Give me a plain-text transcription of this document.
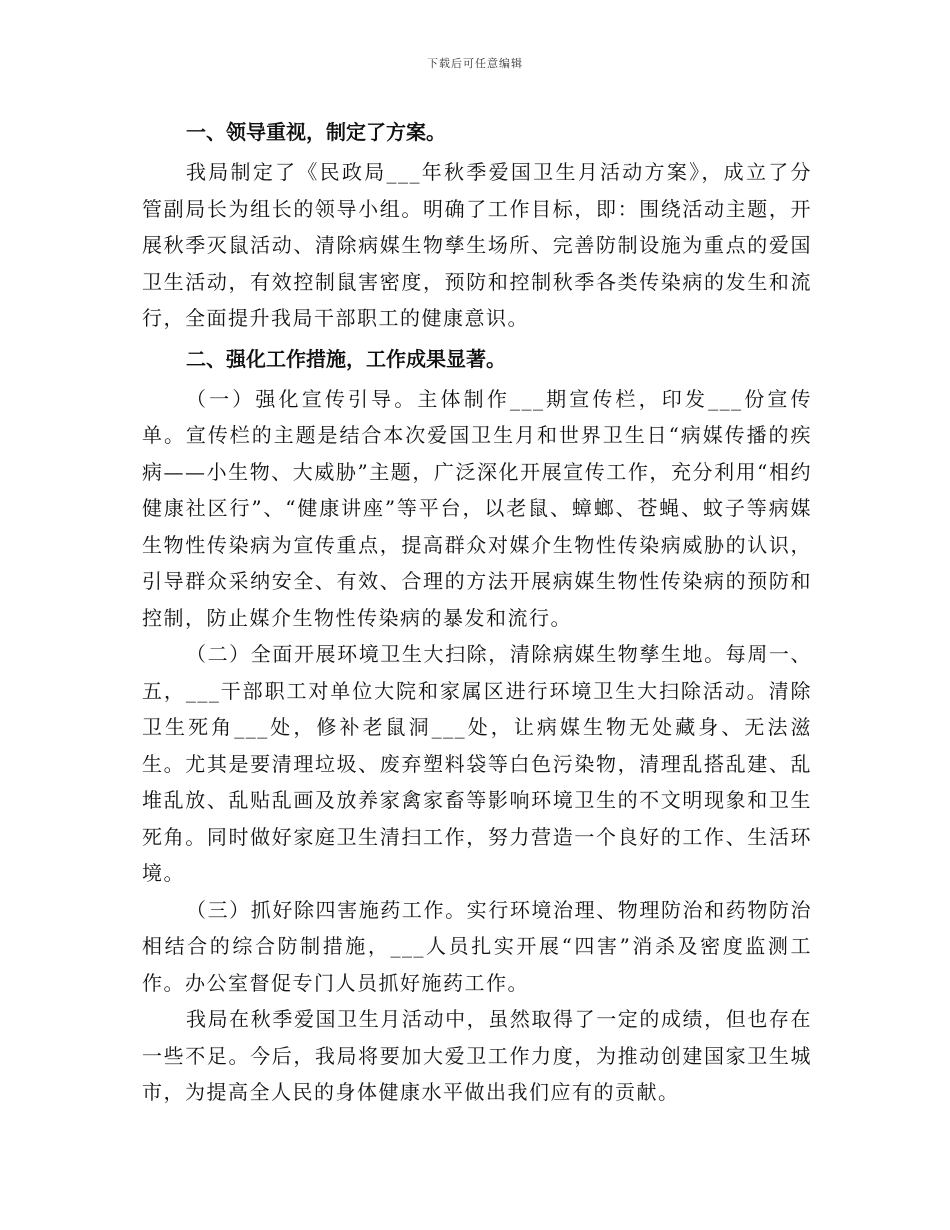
下载后可任意编辑

一、领导重视，制定了方案。

我局制定了《民政局___年秋季爱国卫生月活动方案》，成立了分管副局长为组长的领导小组。明确了工作目标，即：围绕活动主题，开展秋季灭鼠活动、清除病媒生物孳生场所、完善防制设施为重点的爱国卫生活动，有效控制鼠害密度，预防和控制秋季各类传染病的发生和流行，全面提升我局干部职工的健康意识。

二、强化工作措施，工作成果显著。

（一）强化宣传引导。主体制作___期宣传栏，印发___份宣传单。宣传栏的主题是结合本次爱国卫生月和世界卫生日“病媒传播的疾病——小生物、大威胁”主题，广泛深化开展宣传工作，充分利用“相约健康社区行”、“健康讲座”等平台，以老鼠、蟑螂、苍蝇、蚊子等病媒生物性传染病为宣传重点，提高群众对媒介生物性传染病威胁的认识，引导群众采纳安全、有效、合理的方法开展病媒生物性传染病的预防和控制，防止媒介生物性传染病的暴发和流行。

（二）全面开展环境卫生大扫除，清除病媒生物孳生地。每周一、五，___干部职工对单位大院和家属区进行环境卫生大扫除活动。清除卫生死角___处，修补老鼠洞___处，让病媒生物无处藏身、无法滋生。尤其是要清理垃圾、废弃塑料袋等白色污染物，清理乱搭乱建、乱堆乱放、乱贴乱画及放养家禽家畜等影响环境卫生的不文明现象和卫生死角。同时做好家庭卫生清扫工作，努力营造一个良好的工作、生活环境。

（三）抓好除四害施药工作。实行环境治理、物理防治和药物防治相结合的综合防制措施，___人员扎实开展“四害”消杀及密度监测工作。办公室督促专门人员抓好施药工作。

我局在秋季爱国卫生月活动中，虽然取得了一定的成绩，但也存在一些不足。今后，我局将要加大爱卫工作力度，为推动创建国家卫生城市，为提高全人民的身体健康水平做出我们应有的贡献。
